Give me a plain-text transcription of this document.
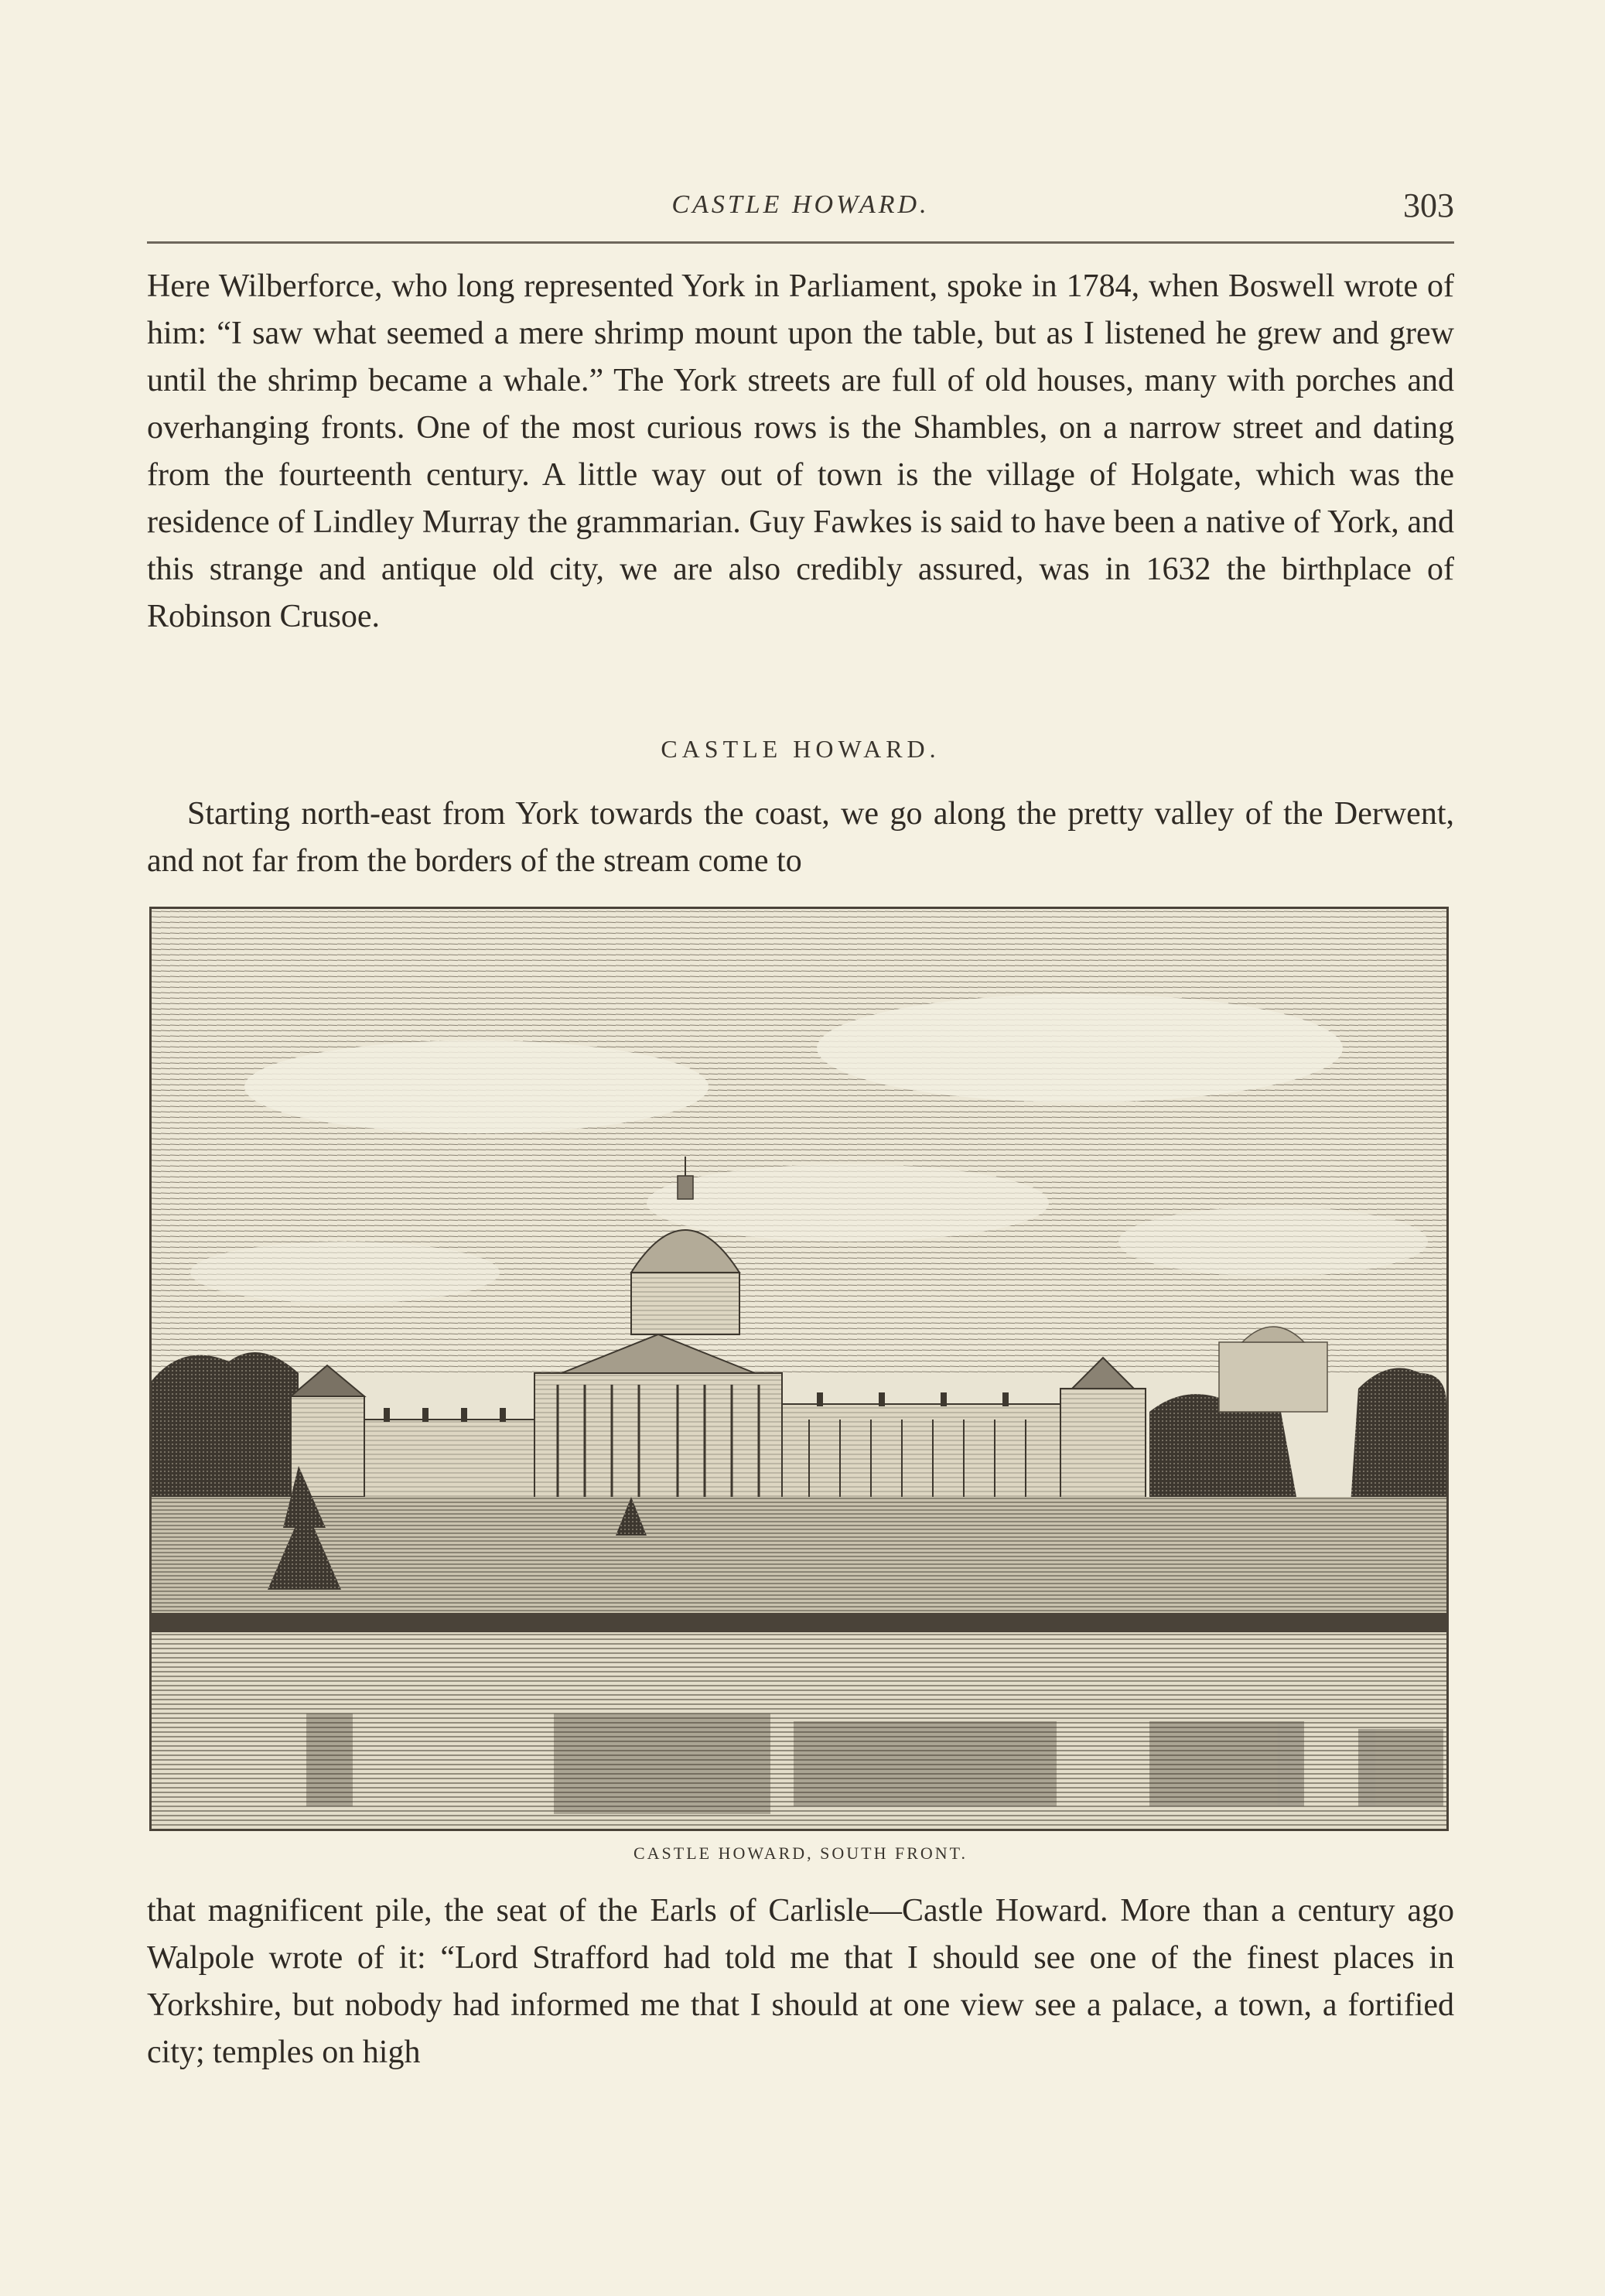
CASTLE HOWARD.	303

Here Wilberforce, who long represented York in Parliament, spoke in 1784, when Boswell wrote of him: “I saw what seemed a mere shrimp mount upon the table, but as I listened he grew and grew until the shrimp became a whale.” The York streets are full of old houses, many with porches and overhanging fronts. One of the most curious rows is the Shambles, on a narrow street and dating from the fourteenth century. A little way out of town is the village of Holgate, which was the residence of Lindley Murray the grammarian. Guy Fawkes is said to have been a native of York, and this strange and antique old city, we are also credibly assured, was in 1632 the birthplace of Robinson Crusoe.

CASTLE HOWARD.

Starting north-east from York towards the coast, we go along the pretty valley of the Derwent, and not far from the borders of the stream come to

CASTLE HOWARD, SOUTH FRONT.

that magnificent pile, the seat of the Earls of Carlisle—Castle Howard. More than a century ago Walpole wrote of it: “Lord Strafford had told me that I should see one of the finest places in Yorkshire, but nobody had informed me that I should at one view see a palace, a town, a fortified city; temples on high
